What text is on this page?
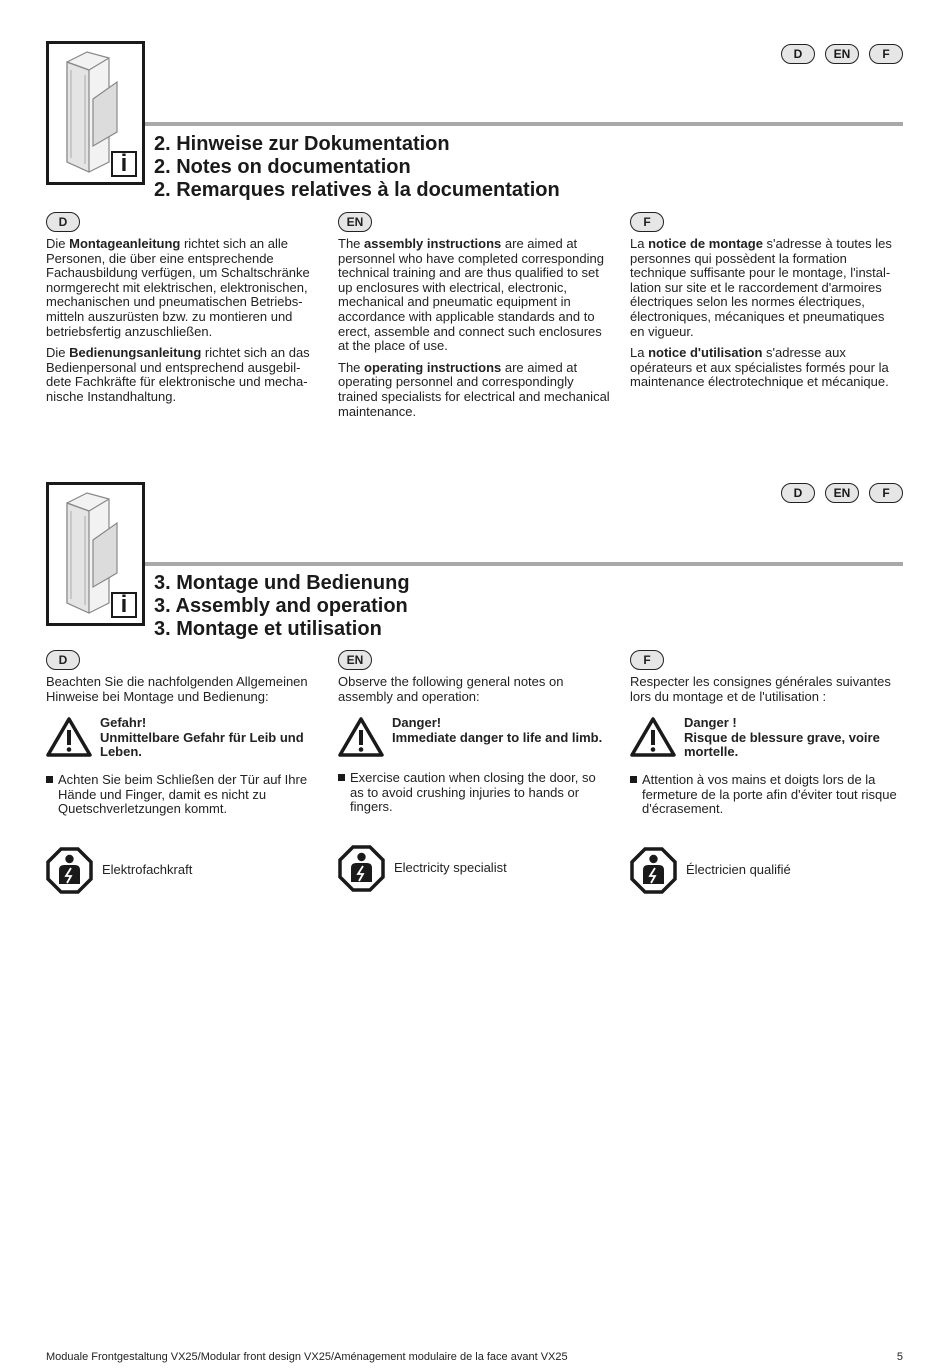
D	EN	F
i
2. Hinweise zur Dokumentation
2. Notes on documentation
2. Remarques relatives à la documentation
D

Die Montageanleitung richtet sich an alle Personen, die über eine entsprechende Fachausbildung verfügen, um Schaltschränke normgerecht mit elektrischen, elektronischen, mechanischen und pneumatischen Betriebsmitteln auszurüsten bzw. zu montieren und betriebsfertig anzuschließen.

Die Bedienungsanleitung richtet sich an das Bedienpersonal und entsprechend ausgebildete Fachkräfte für elektronische und mechanische Instandhaltung.

EN

The assembly instructions are aimed at personnel who have completed corresponding technical training and are thus qualified to set up enclosures with electrical, electronic, mechanical and pneumatic equipment in accordance with applicable standards and to erect, assemble and connect such enclosures at the place of use.

The operating instructions are aimed at operating personnel and correspondingly trained specialists for electrical and mechanical maintenance.

F

La notice de montage s'adresse à toutes les personnes qui possèdent la formation technique suffisante pour le montage, l'installation sur site et le raccordement d'armoires électriques selon les normes électriques, électroniques, mécaniques et pneumatiques en vigueur.

La notice d'utilisation s'adresse aux opérateurs et aux spécialistes formés pour la maintenance électrotechnique et mécanique.

D	EN	F
i
3. Montage und Bedienung
3. Assembly and operation
3. Montage et utilisation
D

Beachten Sie die nachfolgenden Allgemeinen Hinweise bei Montage und Bedienung:

Gefahr!
Unmittelbare Gefahr für Leib und Leben.
Achten Sie beim Schließen der Tür auf Ihre Hände und Finger, damit es nicht zu Quetschverletzungen kommt.
Elektrofachkraft
EN

Observe the following general notes on assembly and operation:

Danger!
Immediate danger to life and limb.
Exercise caution when closing the door, so as to avoid crushing injuries to hands or fingers.
Electricity specialist
F

Respecter les consignes générales suivantes lors du montage et de l'utilisation :

Danger !
Risque de blessure grave, voire mortelle.
Attention à vos mains et doigts lors de la fermeture de la porte afin d'éviter tout risque d'écrasement.
Électricien qualifié
Moduale Frontgestaltung VX25/Modular front design VX25/Aménagement modulaire de la face avant VX25	5
